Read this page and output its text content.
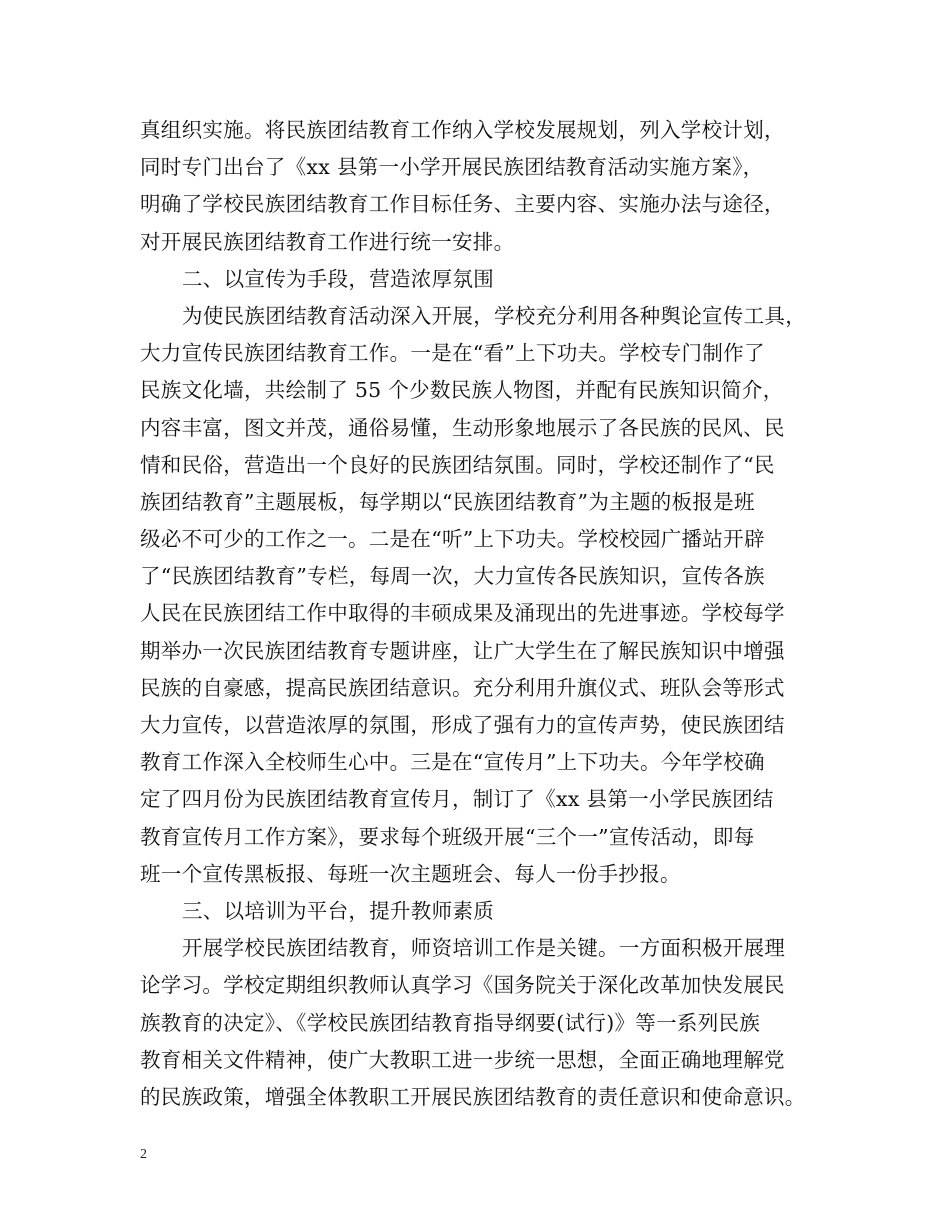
真组织实施。将民族团结教育工作纳入学校发展规划，列入学校计划，
同时专门出台了《xx 县第一小学开展民族团结教育活动实施方案》，
明确了学校民族团结教育工作目标任务、主要内容、实施办法与途径，
对开展民族团结教育工作进行统一安排。
二、以宣传为手段，营造浓厚氛围
为使民族团结教育活动深入开展，学校充分利用各种舆论宣传工具，
大力宣传民族团结教育工作。一是在“看”上下功夫。学校专门制作了
民族文化墙，共绘制了 55 个少数民族人物图，并配有民族知识简介，
内容丰富，图文并茂，通俗易懂，生动形象地展示了各民族的民风、民
情和民俗，营造出一个良好的民族团结氛围。同时，学校还制作了“民
族团结教育”主题展板，每学期以“民族团结教育”为主题的板报是班
级必不可少的工作之一。二是在“听”上下功夫。学校校园广播站开辟
了“民族团结教育”专栏，每周一次，大力宣传各民族知识，宣传各族
人民在民族团结工作中取得的丰硕成果及涌现出的先进事迹。学校每学
期举办一次民族团结教育专题讲座，让广大学生在了解民族知识中增强
民族的自豪感，提高民族团结意识。充分利用升旗仪式、班队会等形式
大力宣传，以营造浓厚的氛围，形成了强有力的宣传声势，使民族团结
教育工作深入全校师生心中。三是在“宣传月”上下功夫。今年学校确
定了四月份为民族团结教育宣传月，制订了《xx 县第一小学民族团结
教育宣传月工作方案》，要求每个班级开展“三个一”宣传活动，即每
班一个宣传黑板报、每班一次主题班会、每人一份手抄报。
三、以培训为平台，提升教师素质
开展学校民族团结教育，师资培训工作是关键。一方面积极开展理
论学习。学校定期组织教师认真学习《国务院关于深化改革加快发展民
族教育的决定》、《学校民族团结教育指导纲要(试行)》等一系列民族
教育相关文件精神，使广大教职工进一步统一思想，全面正确地理解党
的民族政策，增强全体教职工开展民族团结教育的责任意识和使命意识。
2
